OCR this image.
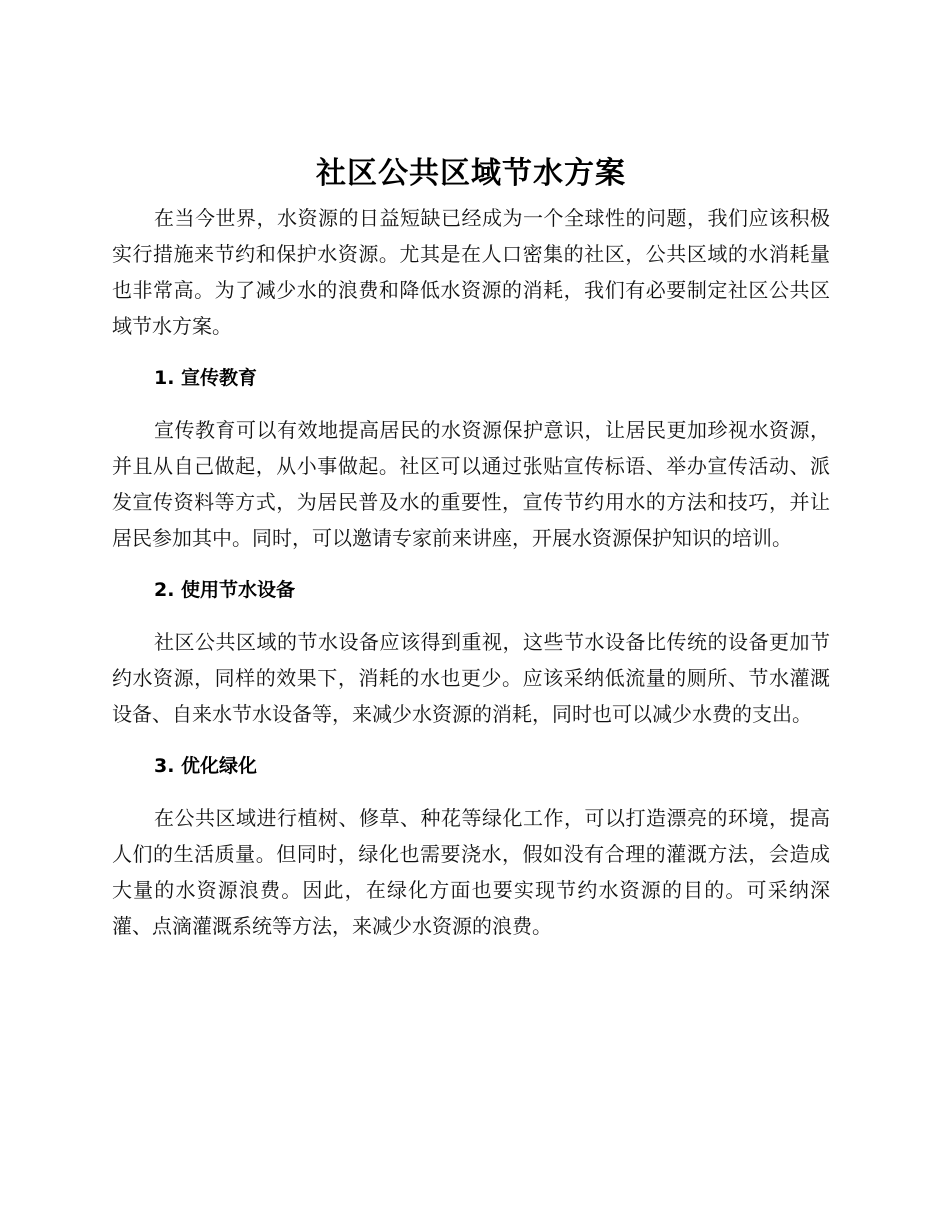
社区公共区域节水方案

在当今世界，水资源的日益短缺已经成为一个全球性的问题，我们应该积极实行措施来节约和保护水资源。尤其是在人口密集的社区，公共区域的水消耗量也非常高。为了减少水的浪费和降低水资源的消耗，我们有必要制定社区公共区域节水方案。

1. 宣传教育

宣传教育可以有效地提高居民的水资源保护意识，让居民更加珍视水资源，并且从自己做起，从小事做起。社区可以通过张贴宣传标语、举办宣传活动、派发宣传资料等方式，为居民普及水的重要性，宣传节约用水的方法和技巧，并让居民参加其中。同时，可以邀请专家前来讲座，开展水资源保护知识的培训。

2. 使用节水设备

社区公共区域的节水设备应该得到重视，这些节水设备比传统的设备更加节约水资源，同样的效果下，消耗的水也更少。应该采纳低流量的厕所、节水灌溉设备、自来水节水设备等，来减少水资源的消耗，同时也可以减少水费的支出。

3. 优化绿化

在公共区域进行植树、修草、种花等绿化工作，可以打造漂亮的环境，提高人们的生活质量。但同时，绿化也需要浇水，假如没有合理的灌溉方法，会造成大量的水资源浪费。因此，在绿化方面也要实现节约水资源的目的。可采纳深灌、点滴灌溉系统等方法，来减少水资源的浪费。
